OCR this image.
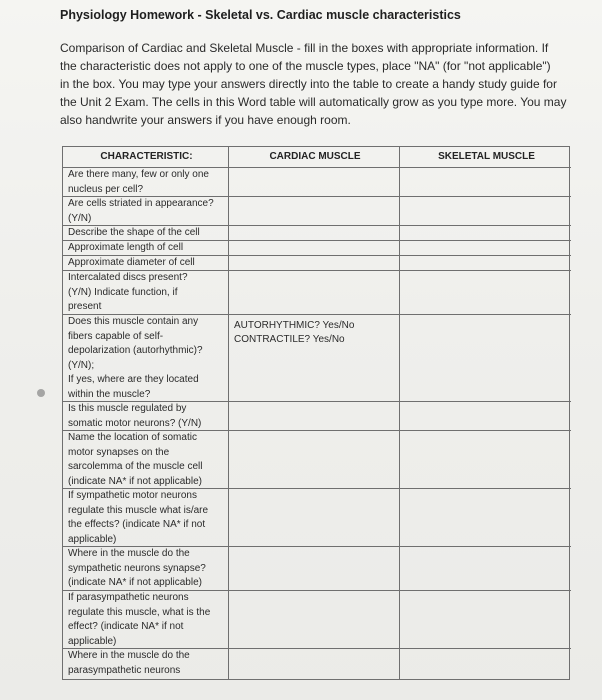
Physiology Homework - Skeletal vs. Cardiac muscle characteristics
Comparison of Cardiac and Skeletal Muscle - fill in the boxes with appropriate information. If
the characteristic does not apply to one of the muscle types, place "NA" (for "not applicable")
in the box. You may type your answers directly into the table to create a handy study guide for
the Unit 2 Exam. The cells in this Word table will automatically grow as you type more. You may
also handwrite your answers if you have enough room.
CHARACTERISTIC:	CARDIAC MUSCLE	SKELETAL MUSCLE
Are there many, few or only one
nucleus per cell?
Are cells striated in appearance?
(Y/N)
Describe the shape of the cell
Approximate length of cell
Approximate diameter of cell
Intercalated discs present?
(Y/N) Indicate function, if
present
Does this muscle contain any
fibers capable of self-
depolarization (autorhythmic)?
(Y/N);
If yes, where are they located
within the muscle?
AUTORHYTHMIC? Yes/No
CONTRACTILE? Yes/No
Is this muscle regulated by
somatic motor neurons? (Y/N)
Name the location of somatic
motor synapses on the
sarcolemma of the muscle cell
(indicate NA* if not applicable)
If sympathetic motor neurons
regulate this muscle what is/are
the effects? (indicate NA* if not
applicable)
Where in the muscle do the
sympathetic neurons synapse?
(indicate NA* if not applicable)
If parasympathetic neurons
regulate this muscle, what is the
effect? (indicate NA* if not
applicable)
Where in the muscle do the
parasympathetic neurons
